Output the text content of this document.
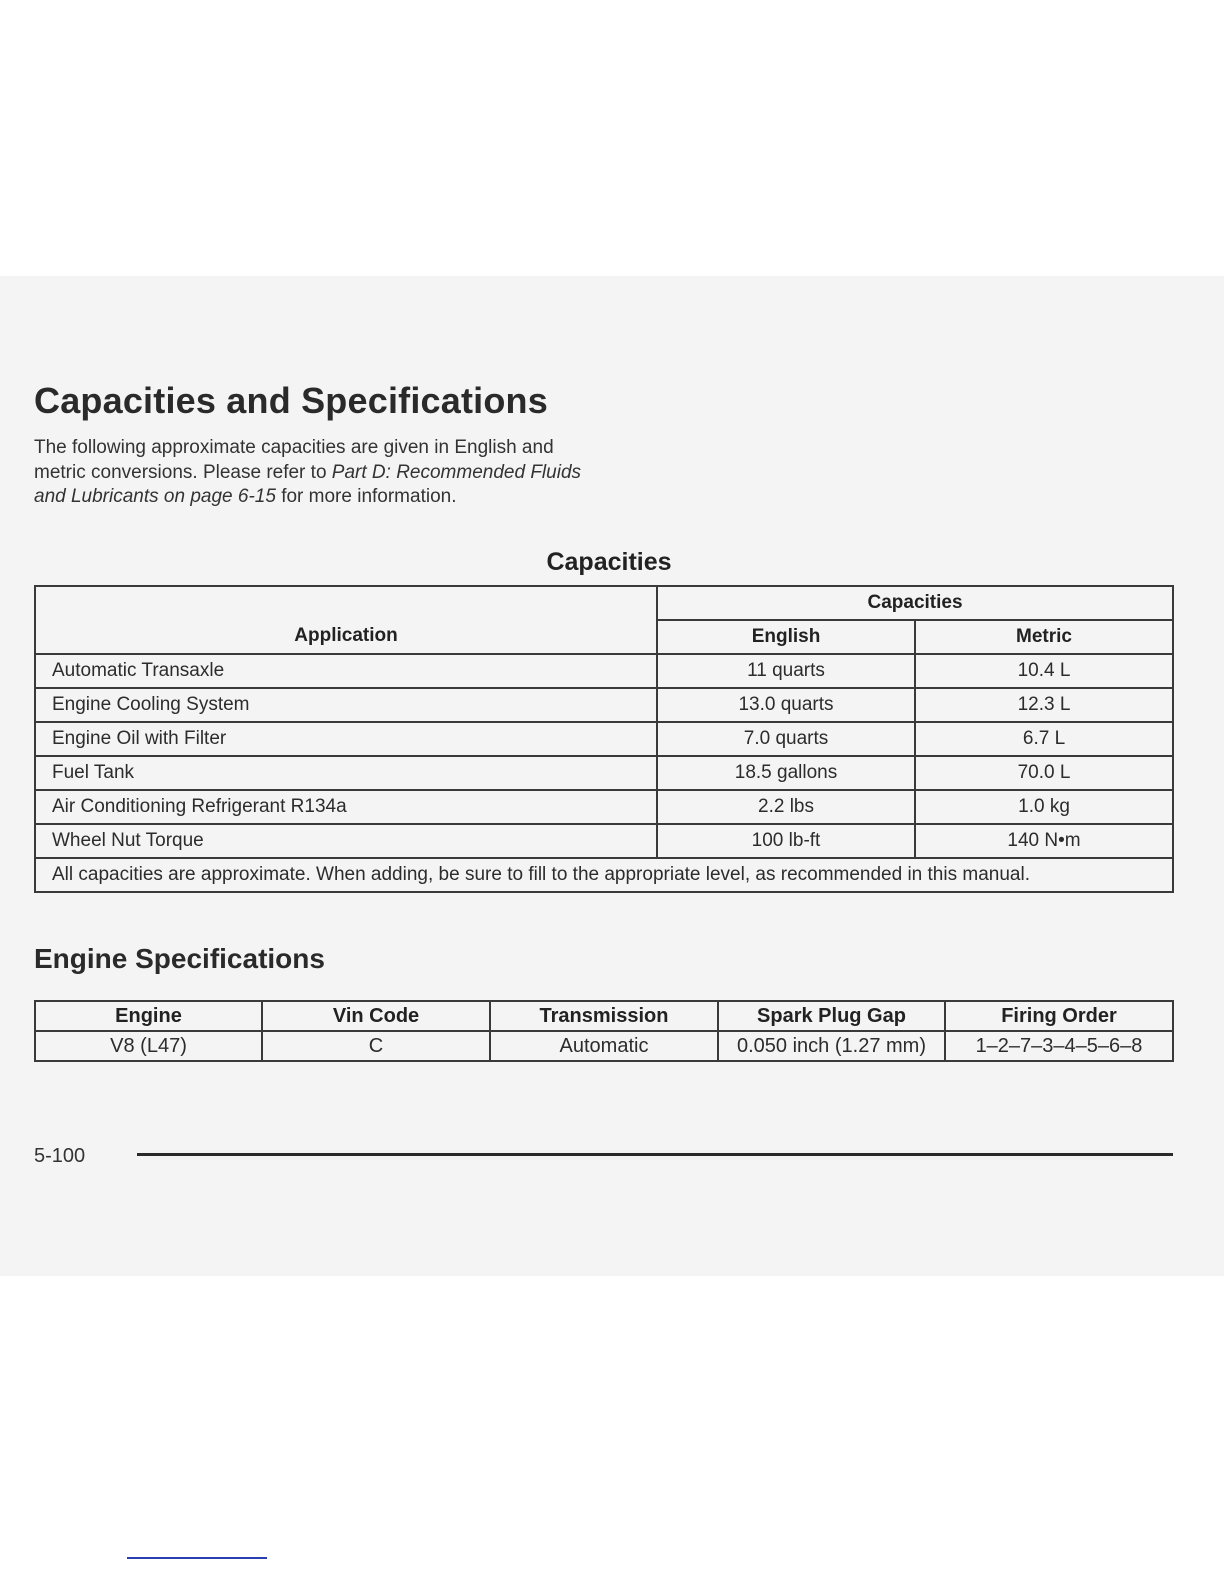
Capacities and Specifications

The following approximate capacities are given in English and metric conversions. Please refer to Part D: Recommended Fluids and Lubricants on page 6-15 for more information.

Capacities
Application	Capacities	
	English	Metric
Automatic Transaxle	11 quarts	10.4 L
Engine Cooling System	13.0 quarts	12.3 L
Engine Oil with Filter	7.0 quarts	6.7 L
Fuel Tank	18.5 gallons	70.0 L
Air Conditioning Refrigerant R134a	2.2 lbs	1.0 kg
Wheel Nut Torque	100 lb-ft	140 N•m
All capacities are approximate. When adding, be sure to fill to the appropriate level, as recommended in this manual.		
Engine Specifications
Engine	Vin Code	Transmission	Spark Plug Gap	Firing Order
V8 (L47)	C	Automatic	0.050 inch (1.27 mm)	1–2–7–3–4–5–6–8

5-100
